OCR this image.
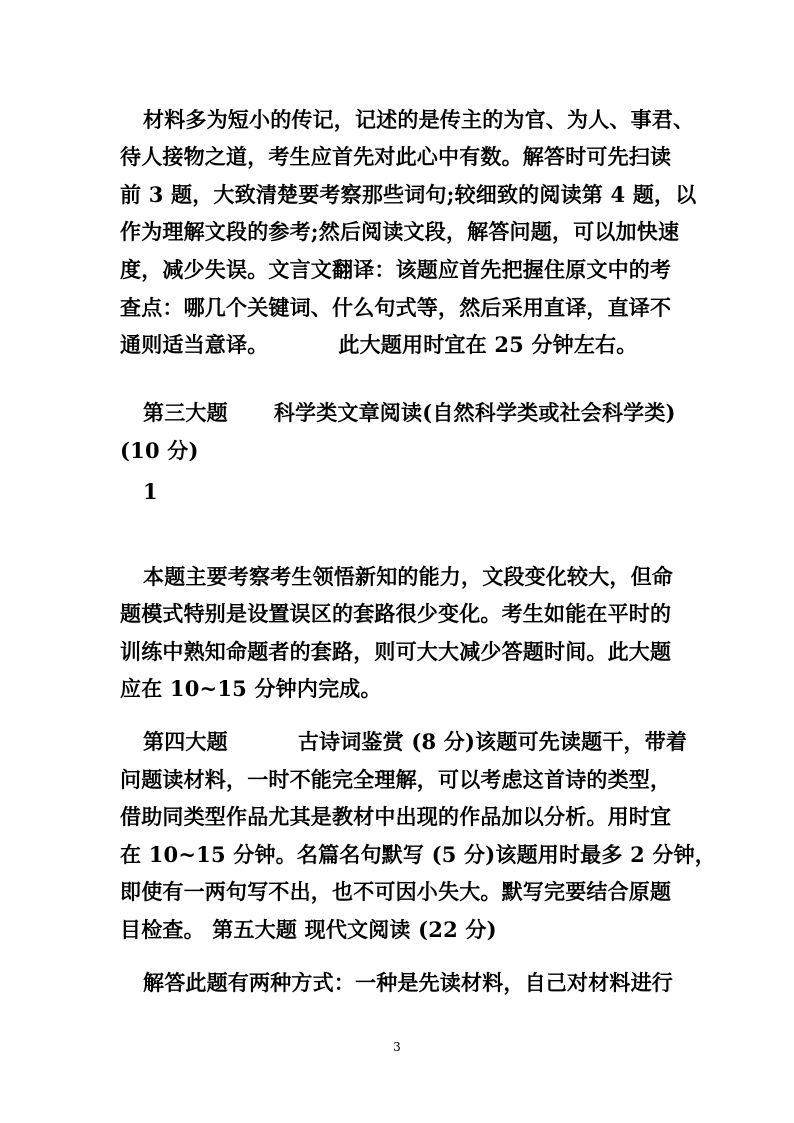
材料多为短小的传记，记述的是传主的为官、为人、事君、
待人接物之道，考生应首先对此心中有数。解答时可先扫读
前 3 题，大致清楚要考察那些词句;较细致的阅读第 4 题，以
作为理解文段的参考;然后阅读文段，解答问题，可以加快速
度，减少失误。文言文翻译：该题应首先把握住原文中的考
查点：哪几个关键词、什么句式等，然后采用直译，直译不
通则适当意译。	此大题用时宜在 25 分钟左右。
第三大题 科学类文章阅读(自然科学类或社会科学类)
(10 分)
1
本题主要考察考生领悟新知的能力，文段变化较大，但命
题模式特别是设置误区的套路很少变化。考生如能在平时的
训练中熟知命题者的套路，则可大大减少答题时间。此大题
应在 10~15 分钟内完成。
第四大题	古诗词鉴赏 (8 分)该题可先读题干，带着
问题读材料，一时不能完全理解，可以考虑这首诗的类型，
借助同类型作品尤其是教材中出现的作品加以分析。用时宜
在 10~15 分钟。名篇名句默写 (5 分)该题用时最多 2 分钟，
即使有一两句写不出，也不可因小失大。默写完要结合原题
目检查。 第五大题 现代文阅读 (22 分)
解答此题有两种方式：一种是先读材料，自己对材料进行
3
